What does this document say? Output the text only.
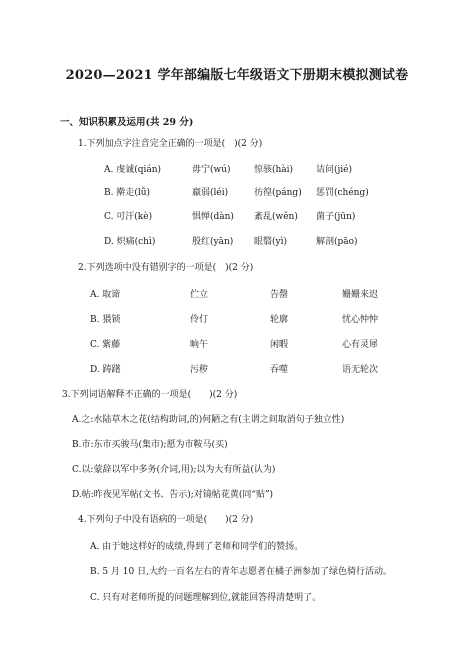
2020—2021 学年部编版七年级语文下册期末模拟测试卷
一、知识积累及运用(共 29 分)
1.下列加点字注音完全正确的一项是(　)(2 分)
A. 虔诚(qián)	毋宁(wú)	惊骇(hài)	诘问(jié)
B. 擀走(lǚ)	羸弱(léi)	彷徨(páng) 惩罚(chéng)
C. 可汗(kè)	惧惮(dàn) 紊乱(wěn) 菌子(jūn)
D. 炽痛(chì)	殷红(yān) 眼翳(yì)	解剖(pāo)
2.下列选项中没有错别字的一项是(　)(2 分)
A. 取谛	伫立	告罄	姗姗来迟
B. 猥锁	伶仃	轮廓	忧心忡忡
C. 紫藤	晌午	闲暇	心有灵犀
D. 踌躇	污秽	吞噬	语无轮次
3.下列词语解释不正确的一项是(　　)(2 分)
A.之:水陆草木之花(结构助词,的)何陋之有(主谓之间取消句子独立性)
B.市:东市买骏马(集市);愿为市鞍马(买)
C.以:蒙辞以军中多务(介词,用);以为大有所益(认为)
D.帖:昨夜见军帖(文书、告示);对镜帖花黄(同“贴”)
4.下列句子中没有语病的一项是(　　)(2 分)
A. 由于她这样好的成绩,得到了老师和同学们的赞扬。
B. 5 月 10 日,大约一百名左右的青年志愿者在橘子洲参加了绿色骑行活动。
C. 只有对老师所提的问题理解到位,就能回答得清楚明了。
